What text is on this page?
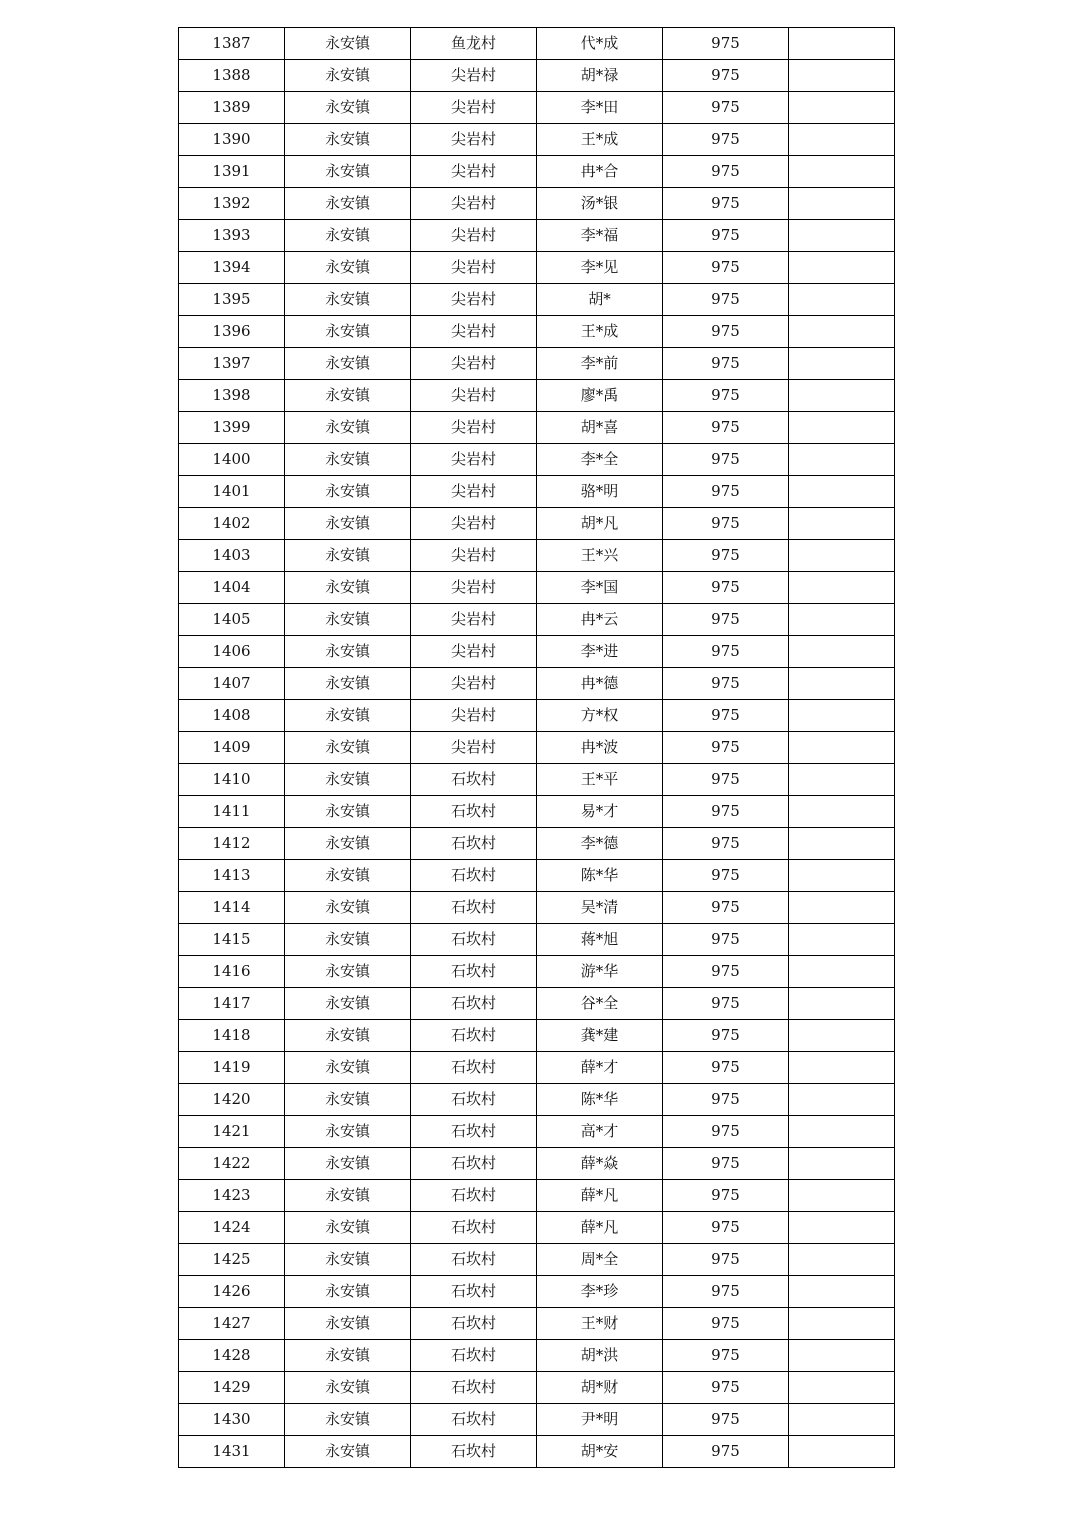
1387	永安镇	鱼龙村	代*成	975	
1388	永安镇	尖岩村	胡*禄	975	
1389	永安镇	尖岩村	李*田	975	
1390	永安镇	尖岩村	王*成	975	
1391	永安镇	尖岩村	冉*合	975	
1392	永安镇	尖岩村	汤*银	975	
1393	永安镇	尖岩村	李*福	975	
1394	永安镇	尖岩村	李*见	975	
1395	永安镇	尖岩村	胡*	975	
1396	永安镇	尖岩村	王*成	975	
1397	永安镇	尖岩村	李*前	975	
1398	永安镇	尖岩村	廖*禹	975	
1399	永安镇	尖岩村	胡*喜	975	
1400	永安镇	尖岩村	李*全	975	
1401	永安镇	尖岩村	骆*明	975	
1402	永安镇	尖岩村	胡*凡	975	
1403	永安镇	尖岩村	王*兴	975	
1404	永安镇	尖岩村	李*国	975	
1405	永安镇	尖岩村	冉*云	975	
1406	永安镇	尖岩村	李*进	975	
1407	永安镇	尖岩村	冉*德	975	
1408	永安镇	尖岩村	方*权	975	
1409	永安镇	尖岩村	冉*波	975	
1410	永安镇	石坎村	王*平	975	
1411	永安镇	石坎村	易*才	975	
1412	永安镇	石坎村	李*德	975	
1413	永安镇	石坎村	陈*华	975	
1414	永安镇	石坎村	吴*清	975	
1415	永安镇	石坎村	蒋*旭	975	
1416	永安镇	石坎村	游*华	975	
1417	永安镇	石坎村	谷*全	975	
1418	永安镇	石坎村	龚*建	975	
1419	永安镇	石坎村	薛*才	975	
1420	永安镇	石坎村	陈*华	975	
1421	永安镇	石坎村	高*才	975	
1422	永安镇	石坎村	薛*焱	975	
1423	永安镇	石坎村	薛*凡	975	
1424	永安镇	石坎村	薛*凡	975	
1425	永安镇	石坎村	周*全	975	
1426	永安镇	石坎村	李*珍	975	
1427	永安镇	石坎村	王*财	975	
1428	永安镇	石坎村	胡*洪	975	
1429	永安镇	石坎村	胡*财	975	
1430	永安镇	石坎村	尹*明	975	
1431	永安镇	石坎村	胡*安	975	
